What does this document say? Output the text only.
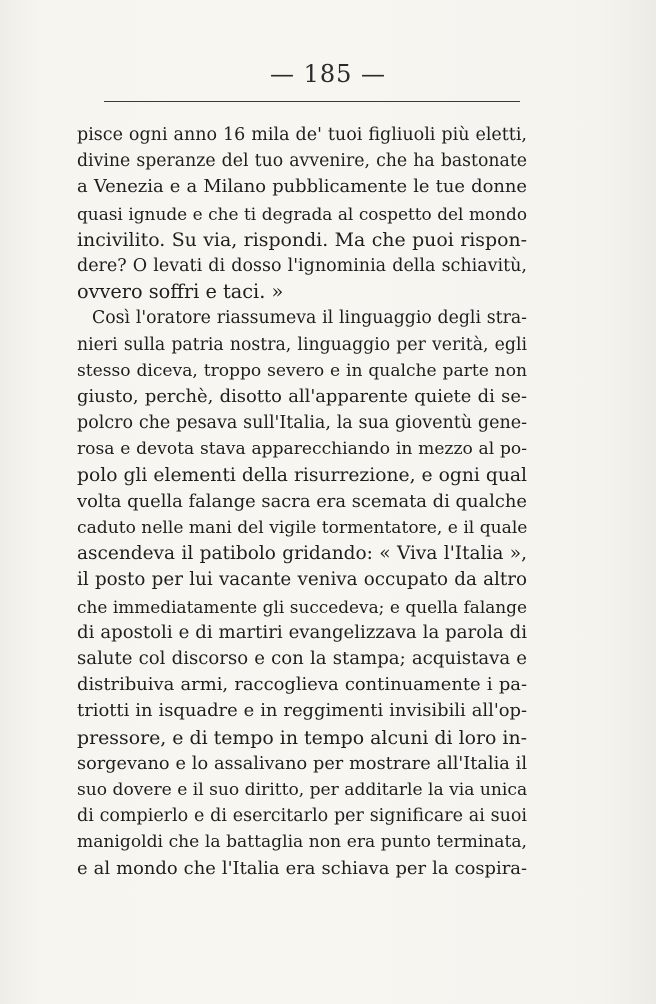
— 185 —
pisce ogni anno 16 mila de' tuoi figliuoli più eletti,
divine speranze del tuo avvenire, che ha bastonate
a Venezia e a Milano pubblicamente le tue donne
quasi ignude e che ti degrada al cospetto del mondo
incivilito. Su via, rispondi. Ma che puoi rispon-
dere? O levati di dosso l'ignominia della schiavitù,
ovvero soffri e taci. »
Così l'oratore riassumeva il linguaggio degli stra-
nieri sulla patria nostra, linguaggio per verità, egli
stesso diceva, troppo severo e in qualche parte non
giusto, perchè, disotto all'apparente quiete di se-
polcro che pesava sull'Italia, la sua gioventù gene-
rosa e devota stava apparecchiando in mezzo al po-
polo gli elementi della risurrezione, e ogni qual
volta quella falange sacra era scemata di qualche
caduto nelle mani del vigile tormentatore, e il quale
ascendeva il patibolo gridando: « Viva l'Italia »,
il posto per lui vacante veniva occupato da altro
che immediatamente gli succedeva; e quella falange
di apostoli e di martiri evangelizzava la parola di
salute col discorso e con la stampa; acquistava e
distribuiva armi, raccoglieva continuamente i pa-
triotti in isquadre e in reggimenti invisibili all'op-
pressore, e di tempo in tempo alcuni di loro in-
sorgevano e lo assalivano per mostrare all'Italia il
suo dovere e il suo diritto, per additarle la via unica
di compierlo e di esercitarlo per significare ai suoi
manigoldi che la battaglia non era punto terminata,
e al mondo che l'Italia era schiava per la cospira-
